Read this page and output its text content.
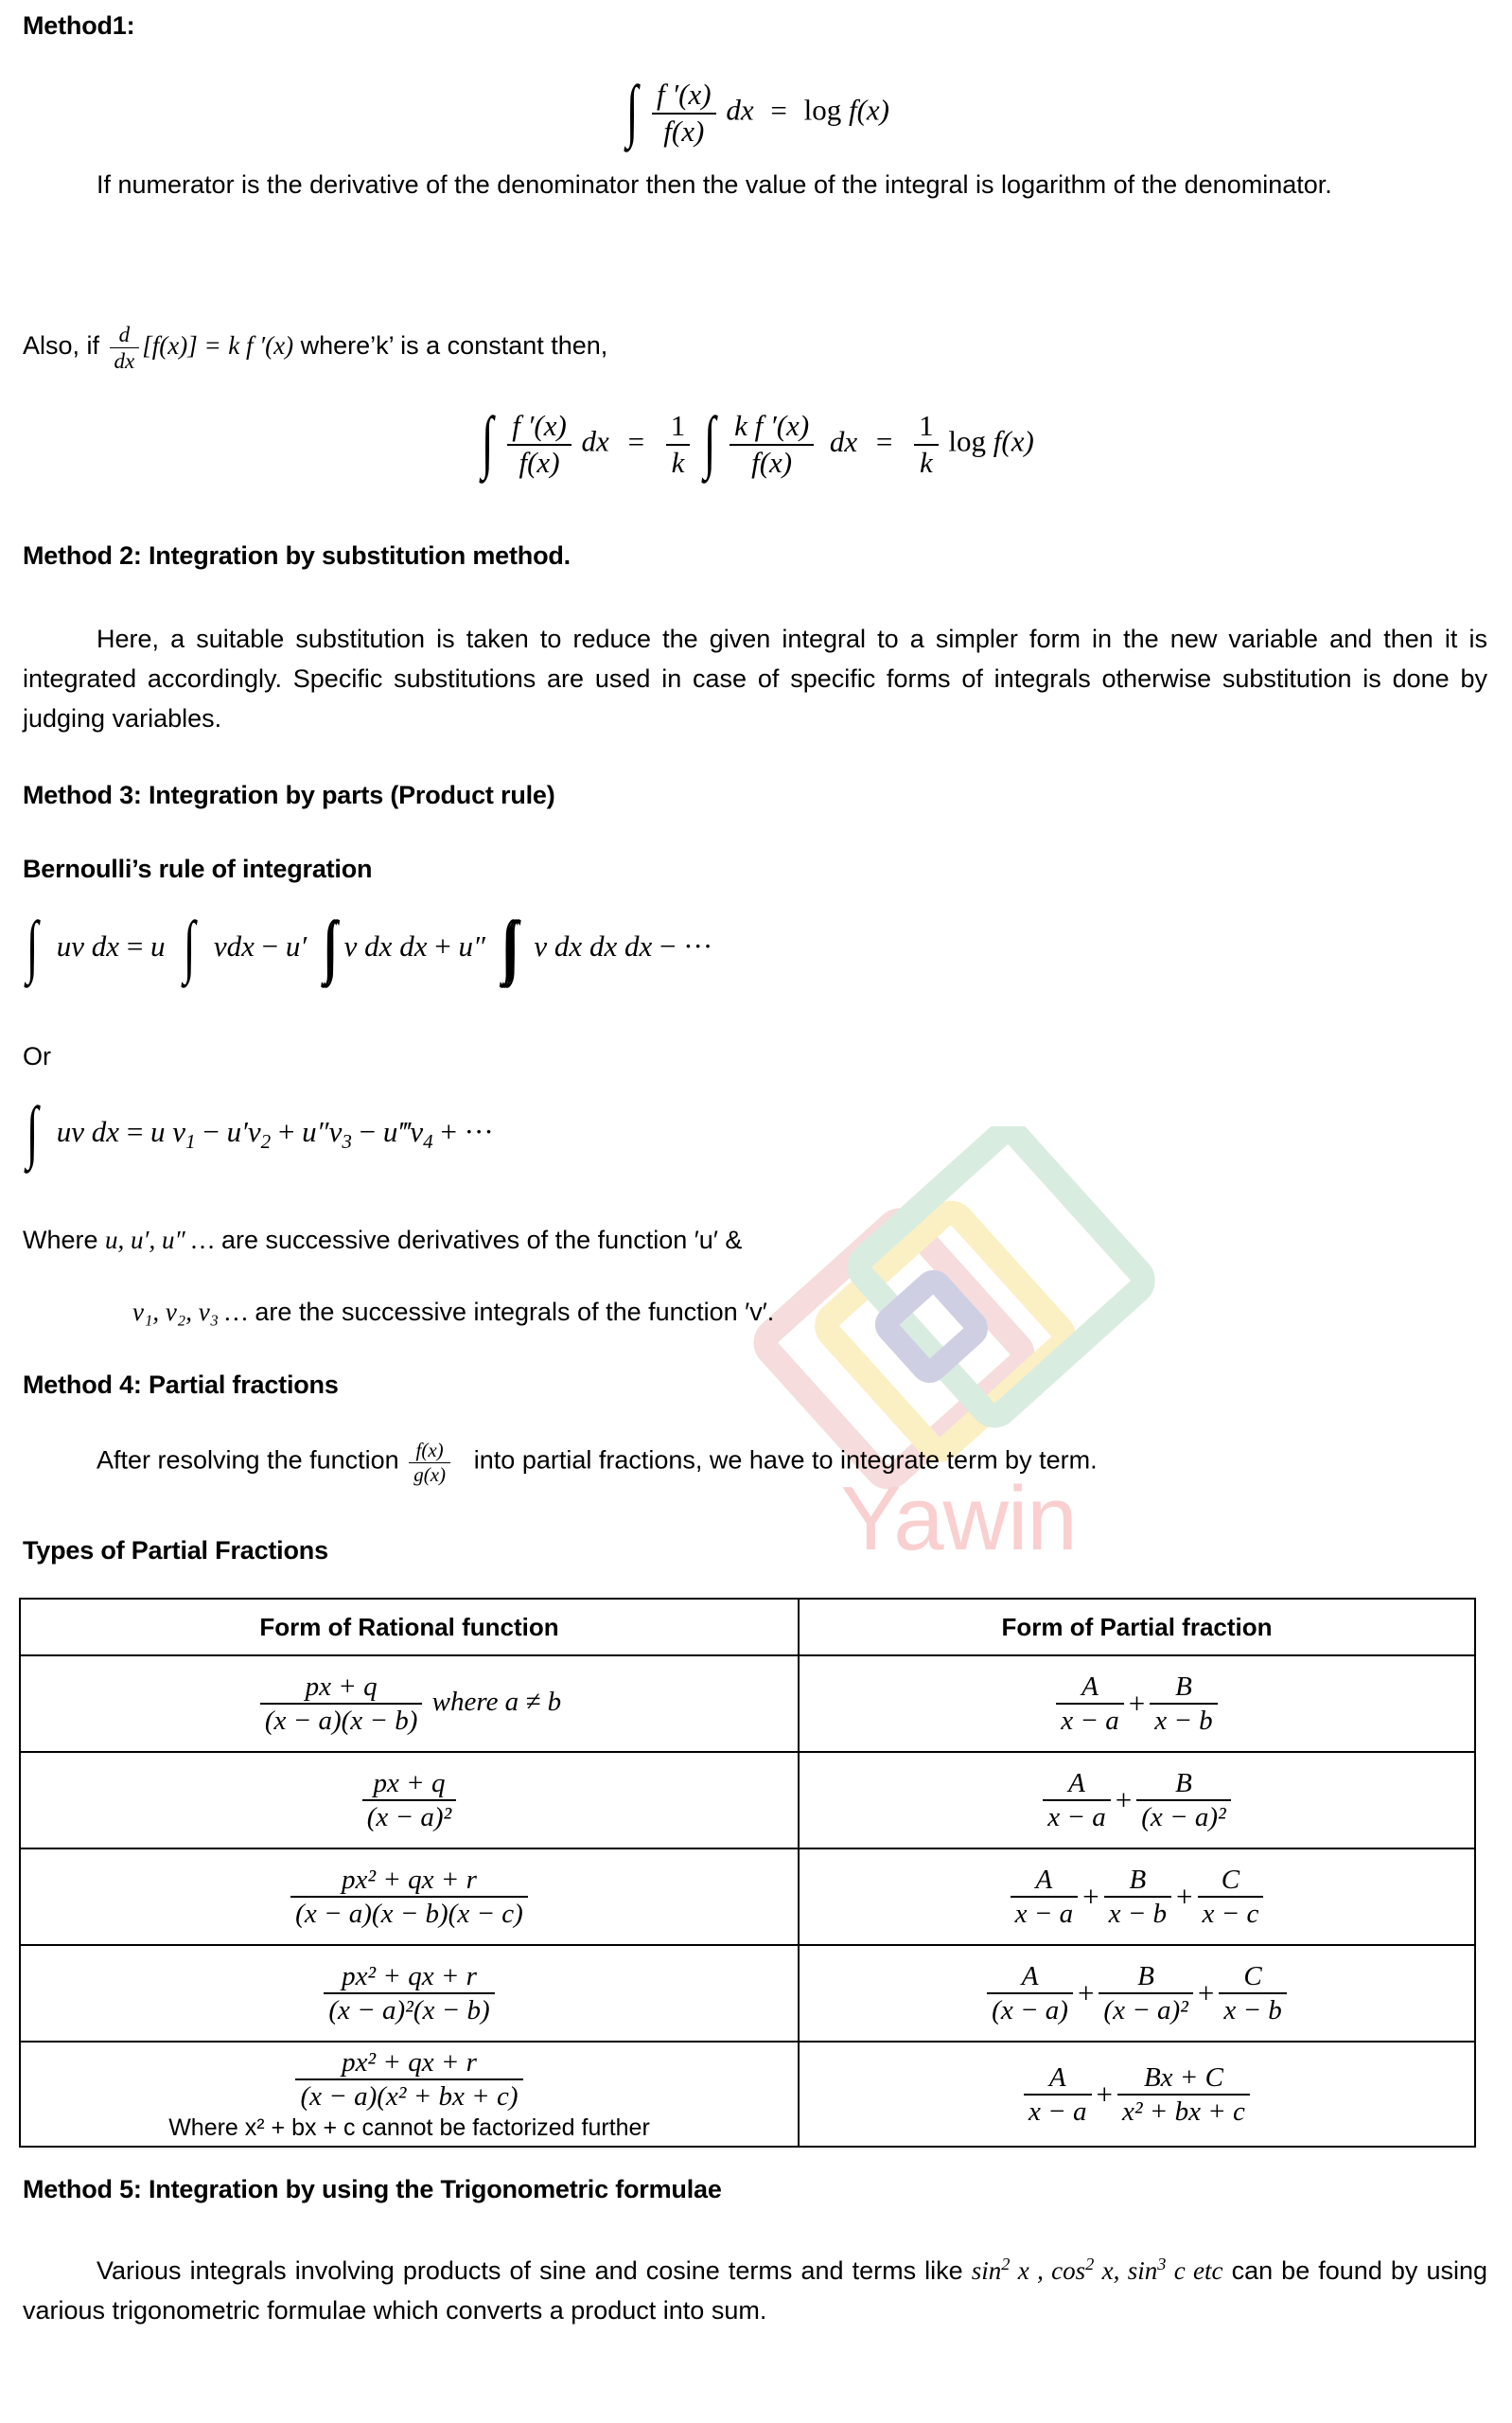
Yawin
Method1:
∫ $\frac{f '(x)}{f(x)}$ dx = log f(x)
If numerator is the derivative of the denominator then the value of the integral is logarithm of the denominator.
Also, if $\frac{d}{dx} [f(x)] = k$ f ′(x) where’k’ is a constant then,
∫ $\frac{f '(x)}{f(x)}$ dx = $\frac{1}{k}$ ∫ $\frac{\text{k f ′(x)}}{f(x)}$ dx = $\frac{1}{k}$ log f(x)
Method 2: Integration by substitution method.
Here, a suitable substitution is taken to reduce the given integral to a simpler form in the new variable and then it is integrated accordingly. Specific substitutions are used in case of specific forms of integrals otherwise substitution is done by judging variables.
Method 3: Integration by parts (Product rule)
Bernoulli’s rule of integration
∫  uv dx = u  ∫  vdx − u′  ∫∫  v dx dx + u″  ∫∫∫   v dx dx dx − ···
Or
∫  uv dx = u $v_1 - u'v_2 + u''v_3$ − $u‴v_4$ + ···
Where u, u′, u″ … are successive derivatives of the function ′u′ &
v₁, v₂, v₃ … are the successive integrals of the function ′v′.
Method 4: Partial fractions
After resolving the function $\frac{f(x)}{g(x)}$ into partial fractions, we have to integrate term by term.
Types of Partial Fractions
Form of Rational function	Form of Partial fraction

$\frac{px + q}{(x - a)(x - b)}$ where a ≠ b	$\frac{A}{x - a} + \frac{B}{x - b}$

$\frac{px + q}{\text{(x − a)²}}$	$\frac{A}{x - a} + \frac{B}{\text{(x − a)²}}$

$\frac{\text{px² + qx + r}}{(x - a)(x - b)(x - c)}$	$\frac{A}{x - a} + \frac{B}{x - b} + \frac{C}{x - c}$

$\frac{\text{px² + qx + r}}{\text{(x − a)²(x − b)}}$	$\frac{A}{(x - a)} + \frac{B}{\text{(x − a)²}} + \frac{C}{x - b}$

$\frac{\text{px² + qx + r}}{\text{(x − a)(x² + bx + c)}}$
Where x² + bx + c cannot be factorized further	$\frac{A}{x - a} + \frac{Bx + C}{\text{x² + bx + c}}$
Method 5: Integration by using the Trigonometric formulae
Various integrals involving products of sine and cosine terms and terms like $\sin^2 x$ , $\cos^2 x$, $\sin^3 c$ etc can be found by using various trigonometric formulae which converts a product into sum.
